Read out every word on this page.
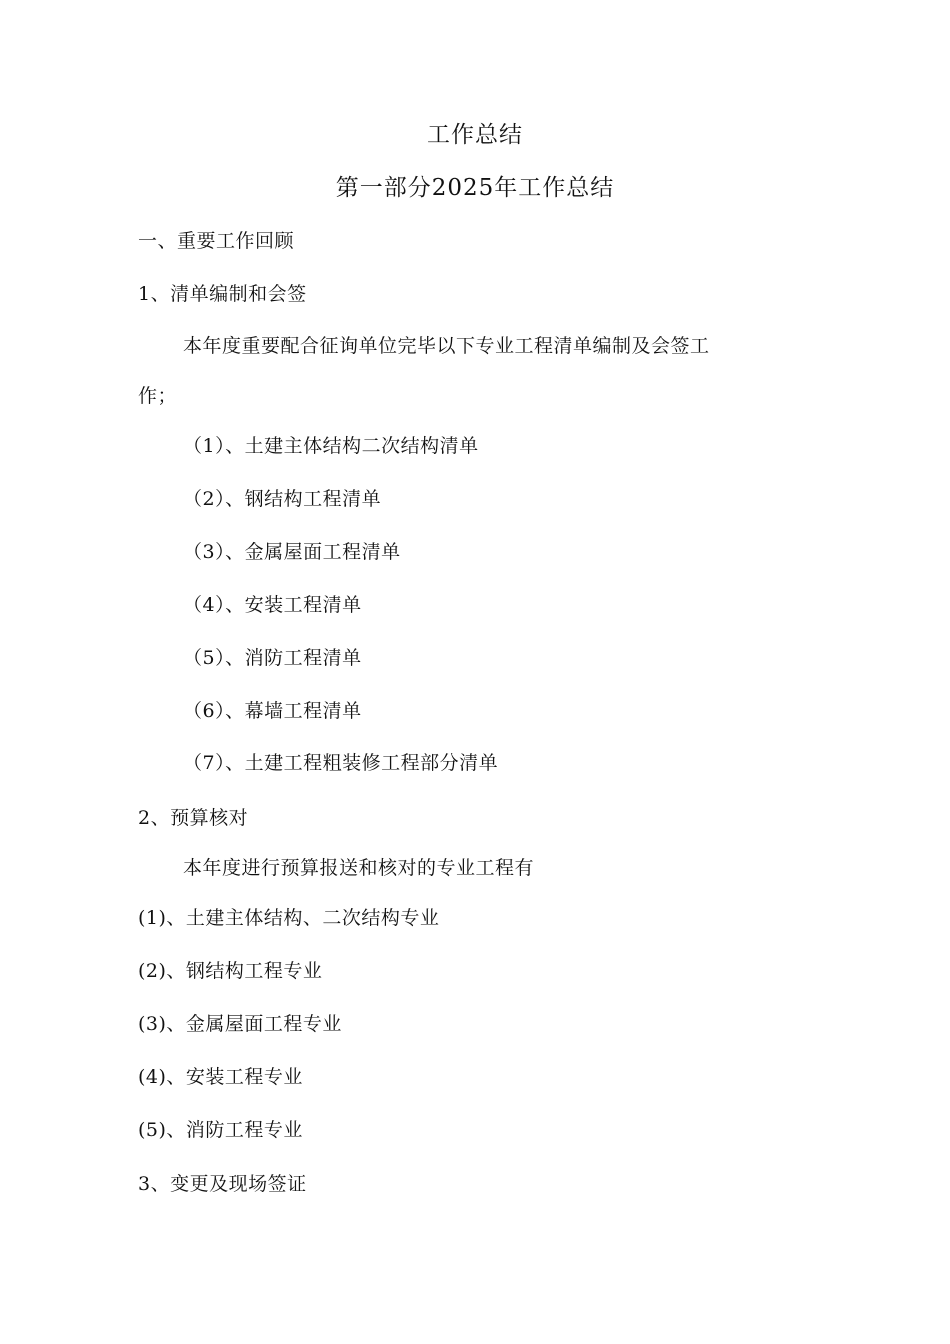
工作总结
第一部分2025年工作总结
一、重要工作回顾
1、清单编制和会签
本年度重要配合征询单位完毕以下专业工程清单编制及会签工
作；
（1）、土建主体结构二次结构清单
（2）、钢结构工程清单
（3）、金属屋面工程清单
（4）、安装工程清单
（5）、消防工程清单
（6）、幕墙工程清单
（7）、土建工程粗装修工程部分清单
2、预算核对
本年度进行预算报送和核对的专业工程有
(1)、土建主体结构、二次结构专业
(2)、钢结构工程专业
(3)、金属屋面工程专业
(4)、安装工程专业
(5)、消防工程专业
3、变更及现场签证
